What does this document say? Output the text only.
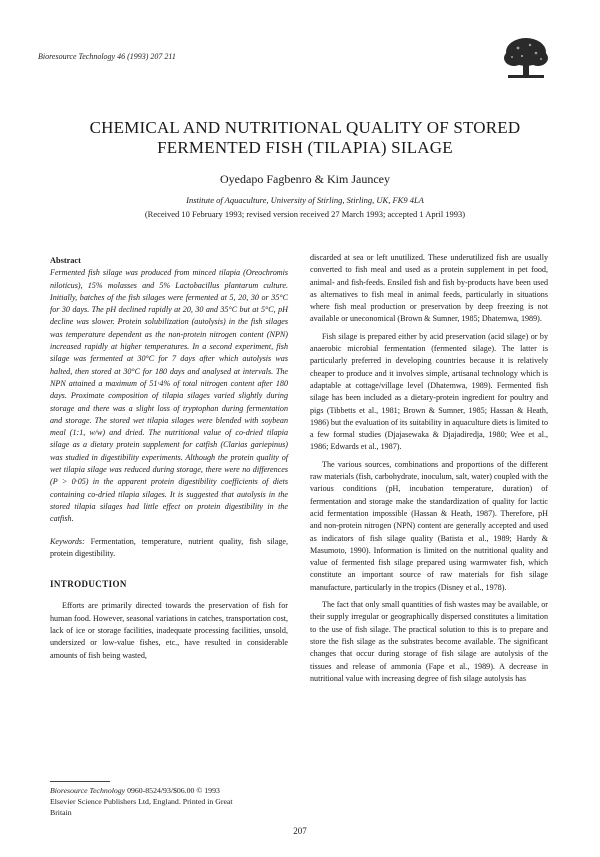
Bioresource Technology 46 (1993) 207 211
CHEMICAL AND NUTRITIONAL QUALITY OF STORED
FERMENTED FISH (TILAPIA) SILAGE
Oyedapo Fagbenro & Kim Jauncey
Institute of Aquaculture, University of Stirling, Stirling, UK, FK9 4LA
(Received 10 February 1993; revised version received 27 March 1993; accepted 1 April 1993)

Abstract

Fermented fish silage was produced from minced tilapia (Oreochromis niloticus), 15% molasses and 5% Lactobacillus plantarum culture. Initially, batches of the fish silages were fermented at 5, 20, 30 or 35°C for 30 days. The pH declined rapidly at 20, 30 and 35°C but at 5°C, pH decline was slower. Protein solubilization (autolysis) in the fish silages was temperature dependent as the non-protein nitrogen content (NPN) increased rapidly at higher temperatures. In a second experiment, fish silage was fermented at 30°C for 7 days after which autolysis was halted, then stored at 30°C for 180 days and analysed at intervals. The NPN attained a maximum of 51·4% of total nitrogen content after 180 days. Proximate composition of tilapia silages varied slightly during storage and there was a slight loss of tryptophan during fermentation and storage. The stored wet tilapia silages were blended with soybean meal (1:1, w/w) and dried. The nutritional value of co-dried tilapia silage as a dietary protein supplement for catfish (Clarias gariepinus) was studied in digestibility experiments. Although the protein quality of wet tilapia silage was reduced during storage, there were no differences (P > 0·05) in the apparent protein digestibility coefficients of diets containing co-dried tilapia silages. It is suggested that autolysis in the stored tilapia silages had little effect on protein digestibility in the catfish.

Keywords: Fermentation, temperature, nutrient quality, fish silage, protein digestibility.

INTRODUCTION

Efforts are primarily directed towards the preservation of fish for human food. However, seasonal variations in catches, transportation cost, lack of ice or storage facilities, inadequate processing facilities, unsold, undersized or low-value fishes, etc., have resulted in considerable amounts of fish being wasted,

discarded at sea or left unutilized. These underutilized fish are usually converted to fish meal and used as a protein supplement in pet food, animal- and fish-feeds. Ensiled fish and fish by-products have been used as alternatives to fish meal in animal feeds, particularly in situations where fish meal production or preservation by deep freezing is not available or uneconomical (Brown & Sumner, 1985; Dhatemwa, 1989).

Fish silage is prepared either by acid preservation (acid silage) or by anaerobic microbial fermentation (fermented silage). The latter is particularly preferred in developing countries because it is relatively cheaper to produce and it involves simple, artisanal technology which is adaptable at cottage/village level (Dhatemwa, 1989). Fermented fish silage has been included as a dietary-protein ingredient for poultry and pigs (Tibbetts et al., 1981; Brown & Sumner, 1985; Hassan & Heath, 1986) but the evaluation of its suitability in aquaculture diets is limited to a few formal studies (Djajasewaka & Djajadiredja, 1980; Wee et al., 1986; Edwards et al., 1987).

The various sources, combinations and proportions of the different raw materials (fish, carbohydrate, inoculum, salt, water) coupled with the various conditions (pH, incubation temperature, duration) of fermentation and storage make the standardization of quality for lactic acid fermentation impossible (Hassan & Heath, 1987). Therefore, pH and non-protein nitrogen (NPN) content are generally accepted and used as indicators of fish silage quality (Batista et al., 1989; Hardy & Masumoto, 1990). Information is limited on the nutritional quality and value of fermented fish silage prepared using warmwater fish, which constitute an important source of raw materials for fish silage manufacture, particularly in the tropics (Disney et al., 1978).

The fact that only small quantities of fish wastes may be available, or their supply irregular or geographically dispersed constitutes a limitation to the use of fish silage. The practical solution to this is to prepare and store the fish silage as the substrates become available. The significant changes that occur during storage of fish silage are autolysis of the tissues and release of ammonia (Fape et al., 1989). A decrease in nutritional value with increasing degree of fish silage autolysis has

Bioresource Technology 0960-8524/93/$06.00 © 1993
Elsevier Science Publishers Ltd, England. Printed in Great
Britain
207
